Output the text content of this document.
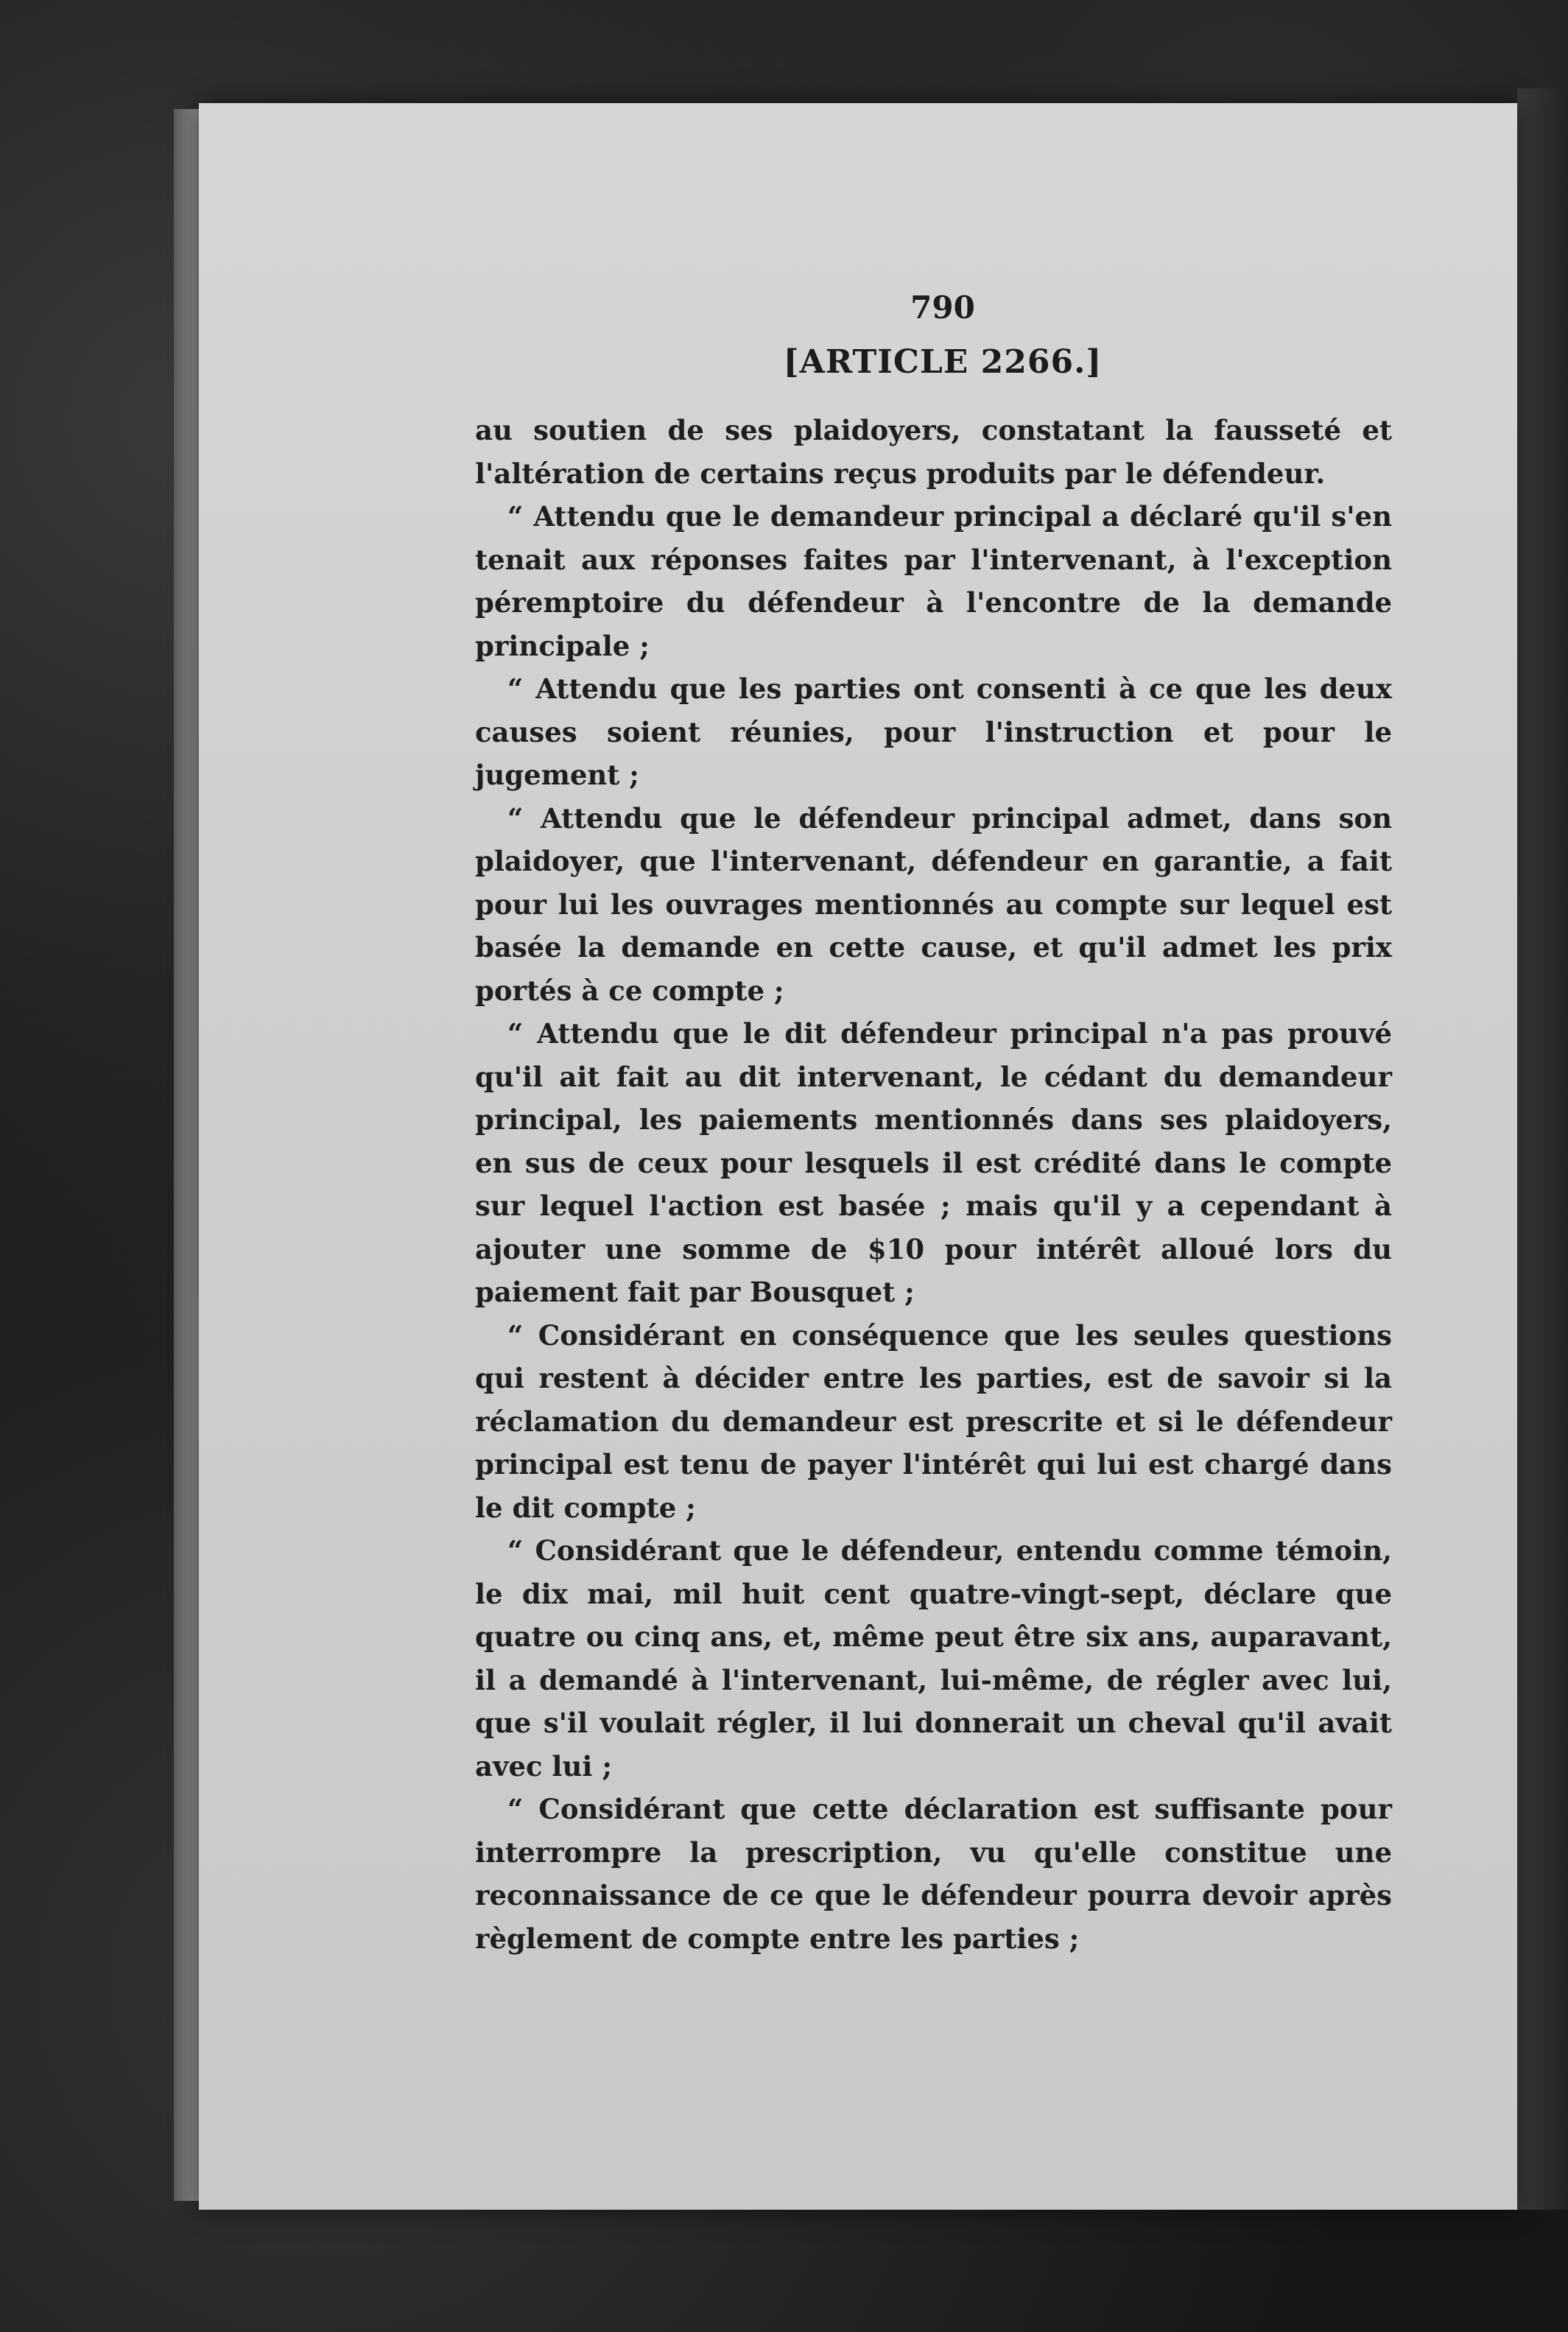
790
[ARTICLE 2266.]

au soutien de ses plaidoyers, constatant la fausseté et l'altération de certains reçus produits par le défendeur.

“ Attendu que le demandeur principal a déclaré qu'il s'en tenait aux réponses faites par l'intervenant, à l'exception péremptoire du défendeur à l'encontre de la demande principale ;

“ Attendu que les parties ont consenti à ce que les deux causes soient réunies, pour l'instruction et pour le jugement ;

“ Attendu que le défendeur principal admet, dans son plaidoyer, que l'intervenant, défendeur en garantie, a fait pour lui les ouvrages mentionnés au compte sur lequel est basée la demande en cette cause, et qu'il admet les prix portés à ce compte ;

“ Attendu que le dit défendeur principal n'a pas prouvé qu'il ait fait au dit intervenant, le cédant du demandeur principal, les paiements mentionnés dans ses plaidoyers, en sus de ceux pour lesquels il est crédité dans le compte sur lequel l'action est basée ; mais qu'il y a cependant à ajouter une somme de $10 pour intérêt alloué lors du paiement fait par Bousquet ;

“ Considérant en conséquence que les seules questions qui restent à décider entre les parties, est de savoir si la réclamation du demandeur est prescrite et si le défendeur principal est tenu de payer l'intérêt qui lui est chargé dans le dit compte ;

“ Considérant que le défendeur, entendu comme témoin, le dix mai, mil huit cent quatre-vingt-sept, déclare que quatre ou cinq ans, et, même peut être six ans, auparavant, il a demandé à l'intervenant, lui-même, de régler avec lui, que s'il voulait régler, il lui donnerait un cheval qu'il avait avec lui ;

“ Considérant que cette déclaration est suffisante pour interrompre la prescription, vu qu'elle constitue une reconnaissance de ce que le défendeur pourra devoir après règlement de compte entre les parties ;
